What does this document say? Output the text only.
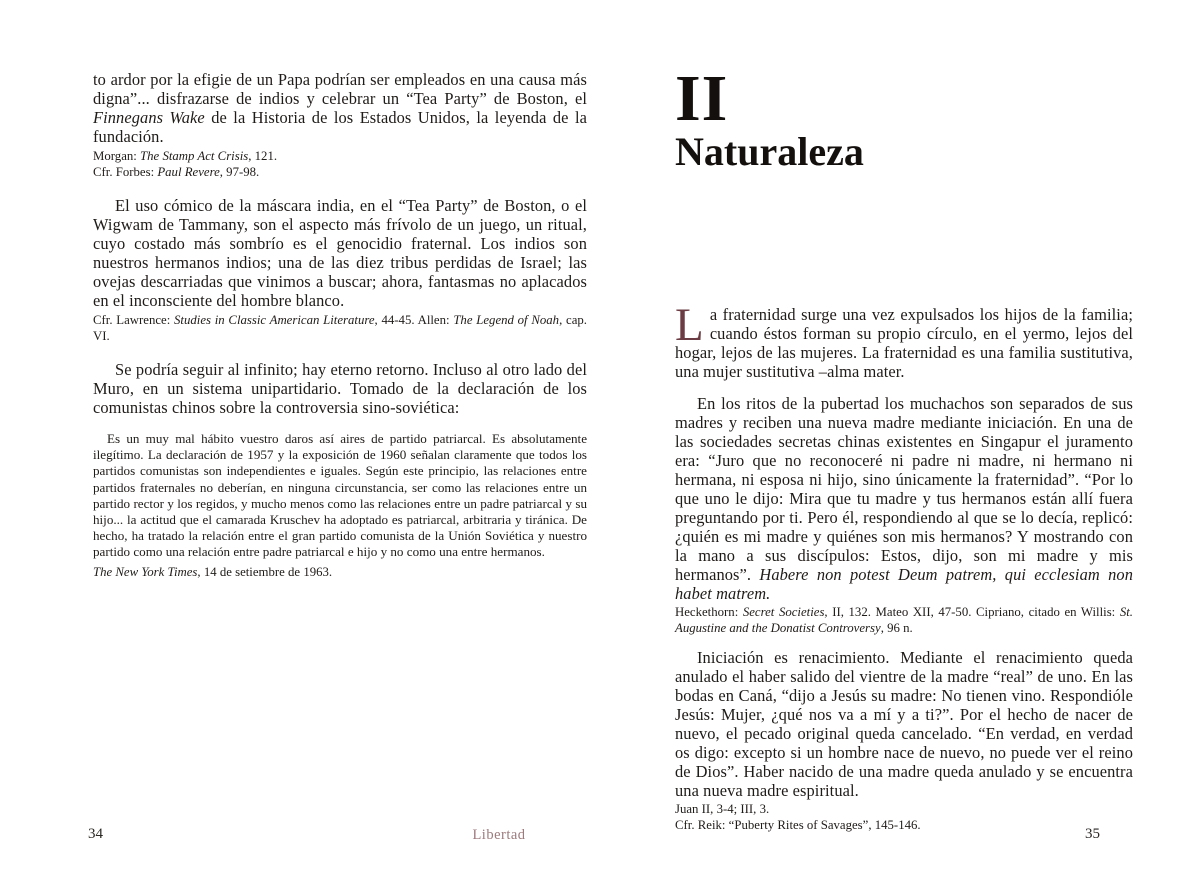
to ardor por la efigie de un Papa podrían ser empleados en una causa más digna”... disfrazarse de indios y celebrar un “Tea Party” de Boston, el Finnegans Wake de la Historia de los Estados Unidos, la leyenda de la fundación.

Morgan: The Stamp Act Crisis, 121.

Cfr. Forbes: Paul Revere, 97-98.

El uso cómico de la máscara india, en el “Tea Party” de Boston, o el Wigwam de Tammany, son el aspecto más frívolo de un juego, un ritual, cuyo costado más sombrío es el genocidio fraternal. Los indios son nuestros hermanos indios; una de las diez tribus perdidas de Israel; las ovejas descarriadas que vinimos a buscar; ahora, fantasmas no aplacados en el inconsciente del hombre blanco.

Cfr. Lawrence: Studies in Classic American Literature, 44-45. Allen: The Legend of Noah, cap. VI.

Se podría seguir al infinito; hay eterno retorno. Incluso al otro lado del Muro, en un sistema unipartidario. Tomado de la declaración de los comunistas chinos sobre la controversia sino-soviética:

Es un muy mal hábito vuestro daros así aires de partido patriarcal. Es absolutamente ilegítimo. La declaración de 1957 y la exposición de 1960 señalan claramente que todos los partidos comunistas son independientes e iguales. Según este principio, las relaciones entre partidos fraternales no deberían, en ninguna circunstancia, ser como las relaciones entre un partido rector y los regidos, y mucho menos como las relaciones entre un padre patriarcal y su hijo... la actitud que el camarada Kruschev ha adoptado es patriarcal, arbitraria y tiránica. De hecho, ha tratado la relación entre el gran partido comunista de la Unión Soviética y nuestro partido como una relación entre padre patriarcal e hijo y no como una entre hermanos.

The New York Times, 14 de setiembre de 1963.

II
Naturaleza

La fraternidad surge una vez expulsados los hijos de la familia; cuando éstos forman su propio círculo, en el yermo, lejos del hogar, lejos de las mujeres. La fraternidad es una familia sustitutiva, una mujer sustitutiva –alma mater.

En los ritos de la pubertad los muchachos son separados de sus madres y reciben una nueva madre mediante iniciación. En una de las sociedades secretas chinas existentes en Singapur el juramento era: “Juro que no reconoceré ni padre ni madre, ni hermano ni hermana, ni esposa ni hijo, sino únicamente la fraternidad”. “Por lo que uno le dijo: Mira que tu madre y tus hermanos están allí fuera preguntando por ti. Pero él, respondiendo al que se lo decía, replicó: ¿quién es mi madre y quiénes son mis hermanos? Y mostrando con la mano a sus discípulos: Estos, dijo, son mi madre y mis hermanos”. Habere non potest Deum patrem, qui ecclesiam non habet matrem.

Heckethorn: Secret Societies, II, 132. Mateo XII, 47-50. Cipriano, citado en Willis: St. Augustine and the Donatist Controversy, 96 n.

Iniciación es renacimiento. Mediante el renacimiento queda anulado el haber salido del vientre de la madre “real” de uno. En las bodas en Caná, “dijo a Jesús su madre: No tienen vino. Respondióle Jesús: Mujer, ¿qué nos va a mí y a ti?”. Por el hecho de nacer de nuevo, el pecado original queda cancelado. “En verdad, en verdad os digo: excepto si un hombre nace de nuevo, no puede ver el reino de Dios”. Haber nacido de una madre queda anulado y se encuentra una nueva madre espiritual.

Juan II, 3-4; III, 3.

Cfr. Reik: “Puberty Rites of Savages”, 145-146.

34	Libertad	35
